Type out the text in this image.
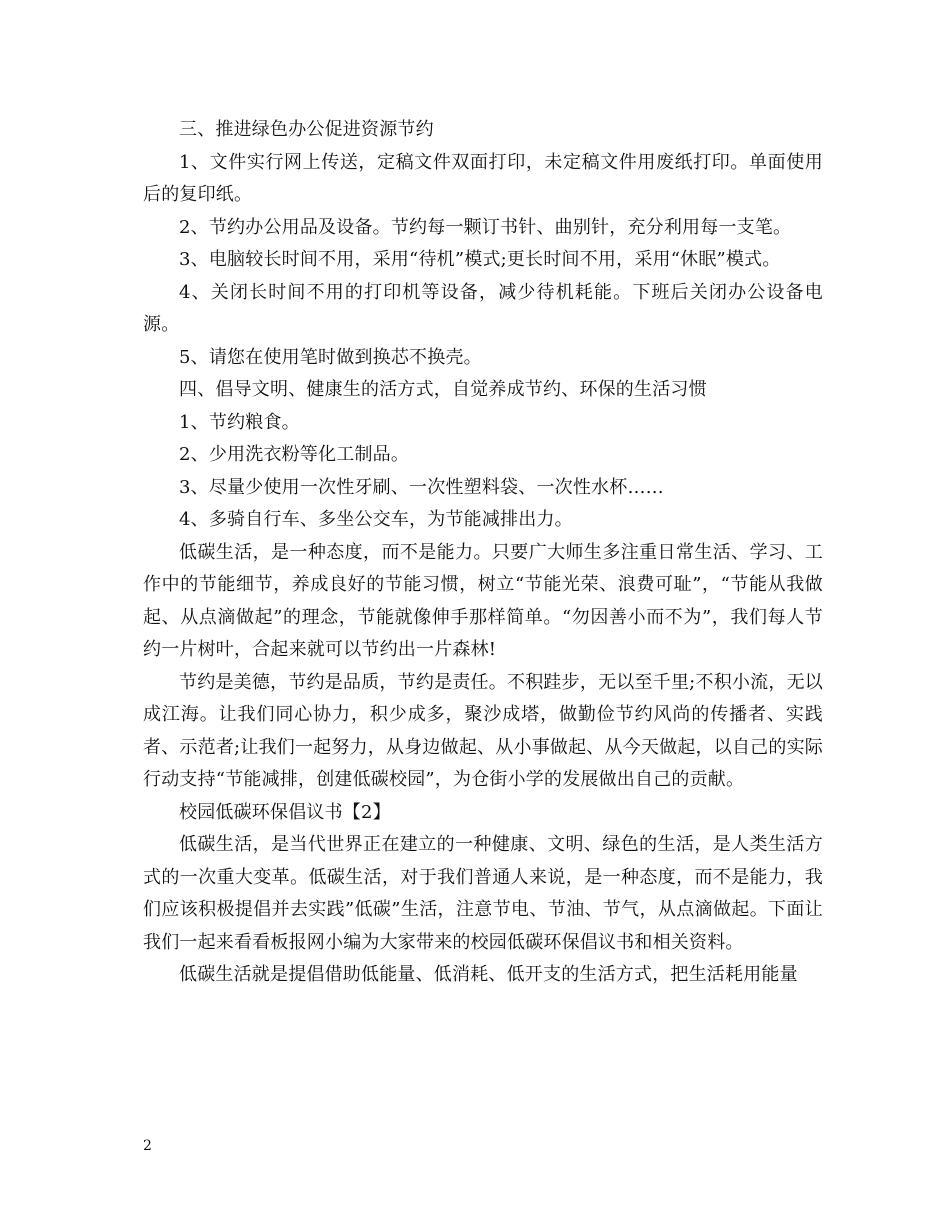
三、推进绿色办公促进资源节约

1、文件实行网上传送，定稿文件双面打印，未定稿文件用废纸打印。单面使用后的复印纸。

2、节约办公用品及设备。节约每一颗订书针、曲别针，充分利用每一支笔。

3、电脑较长时间不用，采用“待机”模式;更长时间不用，采用“休眠”模式。

4、关闭长时间不用的打印机等设备，减少待机耗能。下班后关闭办公设备电源。

5、请您在使用笔时做到换芯不换壳。

四、倡导文明、健康生的活方式，自觉养成节约、环保的生活习惯

1、节约粮食。

2、少用洗衣粉等化工制品。

3、尽量少使用一次性牙刷、一次性塑料袋、一次性水杯……

4、多骑自行车、多坐公交车，为节能减排出力。

低碳生活，是一种态度，而不是能力。只要广大师生多注重日常生活、学习、工作中的节能细节，养成良好的节能习惯，树立“节能光荣、浪费可耻”，“节能从我做起、从点滴做起”的理念，节能就像伸手那样简单。“勿因善小而不为”，我们每人节约一片树叶，合起来就可以节约出一片森林!

节约是美德，节约是品质，节约是责任。不积跬步，无以至千里;不积小流，无以成江海。让我们同心协力，积少成多，聚沙成塔，做勤俭节约风尚的传播者、实践者、示范者;让我们一起努力，从身边做起、从小事做起、从今天做起，以自己的实际行动支持“节能减排，创建低碳校园”，为仓街小学的发展做出自己的贡献。

校园低碳环保倡议书【2】

低碳生活，是当代世界正在建立的一种健康、文明、绿色的生活，是人类生活方式的一次重大变革。低碳生活，对于我们普通人来说，是一种态度，而不是能力，我们应该积极提倡并去实践”低碳”生活，注意节电、节油、节气，从点滴做起。下面让我们一起来看看板报网小编为大家带来的校园低碳环保倡议书和相关资料。

低碳生活就是提倡借助低能量、低消耗、低开支的生活方式，把生活耗用能量

2
